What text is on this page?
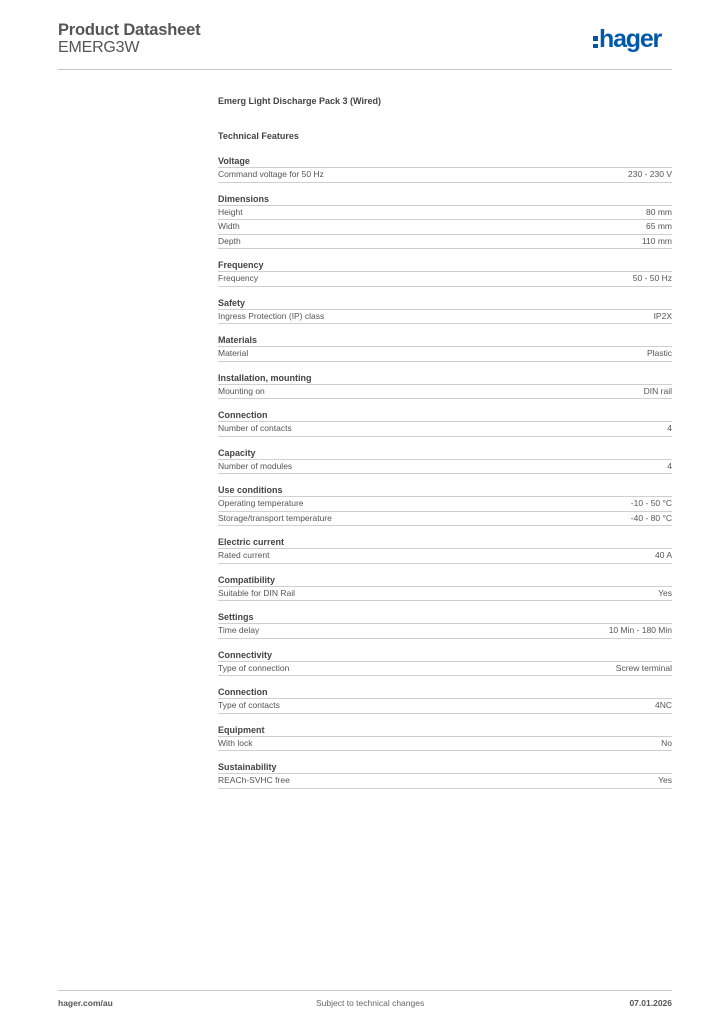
Product Datasheet
EMERG3W	hager
Emerg Light Discharge Pack 3 (Wired)
Technical Features
Voltage
Command voltage for 50 Hz	230 - 230 V
Dimensions
Height	80 mm
Width	65 mm
Depth	110 mm
Frequency
Frequency	50 - 50 Hz
Safety
Ingress Protection (IP) class	IP2X
Materials
Material	Plastic
Installation, mounting
Mounting on	DIN rail
Connection
Number of contacts	4
Capacity
Number of modules	4
Use conditions
Operating temperature	-10 - 50 °C
Storage/transport temperature	-40 - 80 °C
Electric current
Rated current	40 A
Compatibility
Suitable for DIN Rail	Yes
Settings
Time delay	10 Min - 180 Min
Connectivity
Type of connection	Screw terminal
Connection
Type of contacts	4NC
Equipment
With lock	No
Sustainability
REACh-SVHC free	Yes
hager.com/au	Subject to technical changes	07.01.2026
